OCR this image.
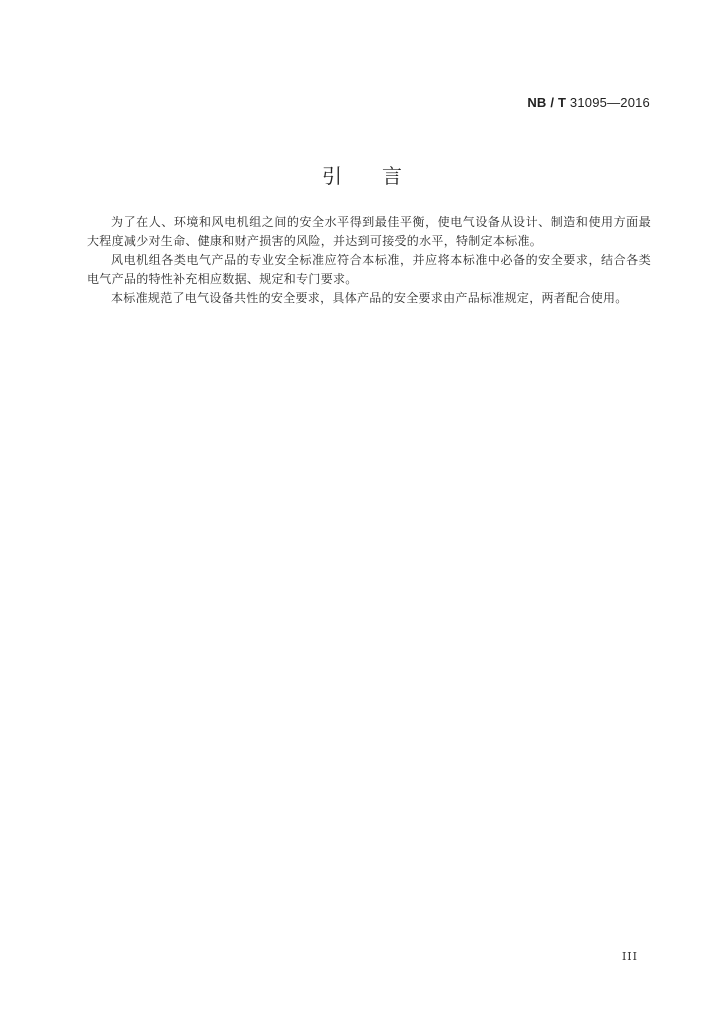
NB / T 31095—2016
引言

为了在人、环境和风电机组之间的安全水平得到最佳平衡，使电气设备从设计、制造和使用方面最大程度减少对生命、健康和财产损害的风险，并达到可接受的水平，特制定本标准。

风电机组各类电气产品的专业安全标准应符合本标准，并应将本标准中必备的安全要求，结合各类电气产品的特性补充相应数据、规定和专门要求。

本标准规范了电气设备共性的安全要求，具体产品的安全要求由产品标准规定，两者配合使用。

III
